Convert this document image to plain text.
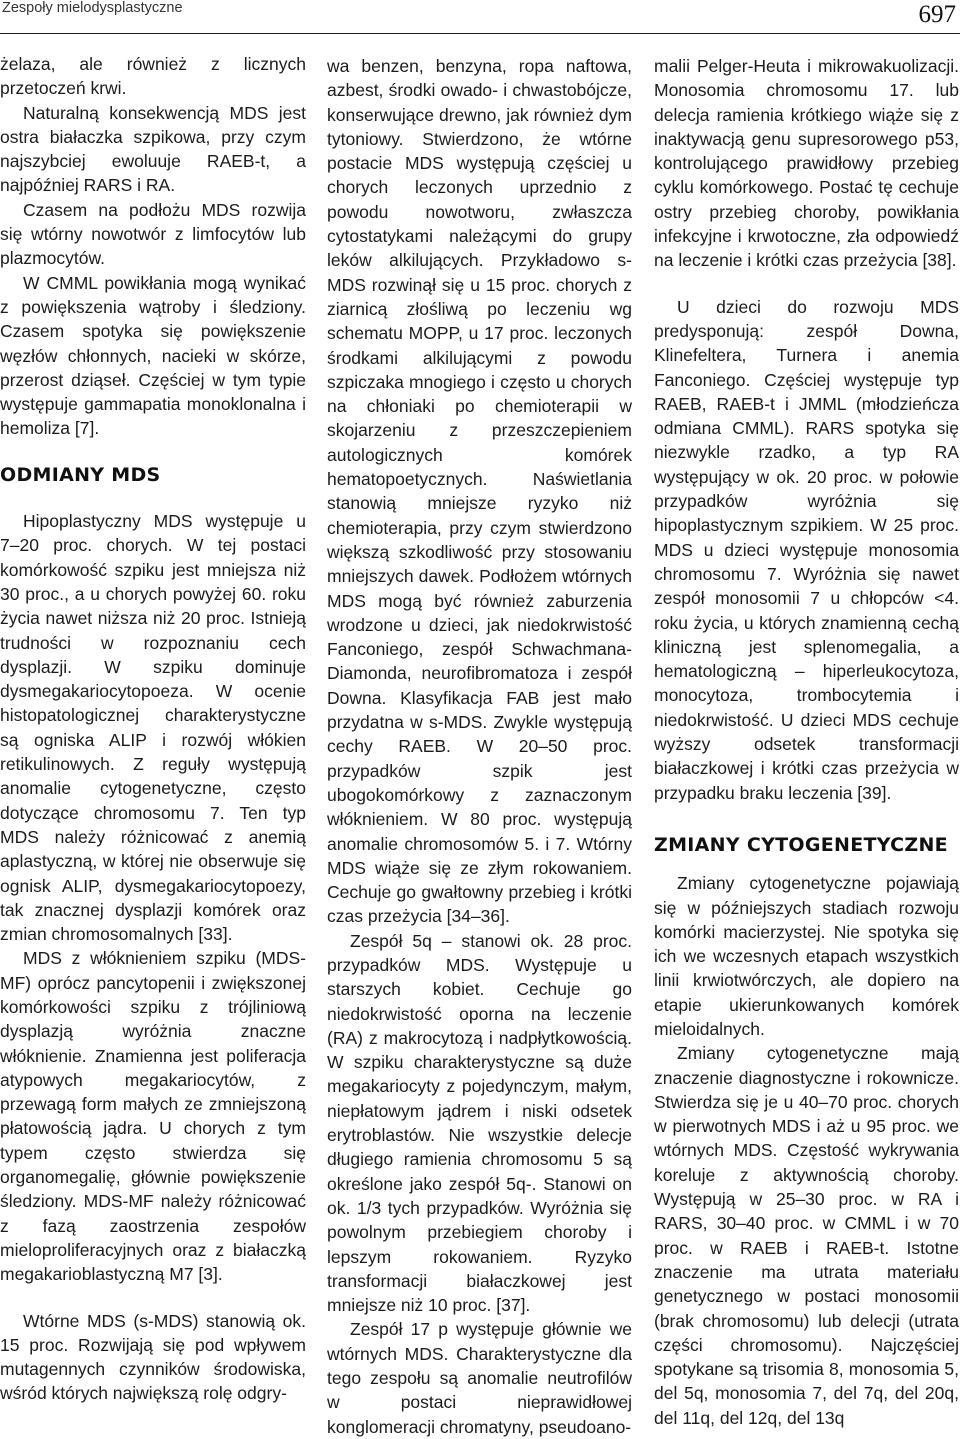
Zespoły mielodysplastyczne	697

żelaza, ale również z licznych przetoczeń krwi.

Naturalną konsekwencją MDS jest ostra białaczka szpikowa, przy czym najszybciej ewoluuje RAEB-t, a najpóźniej RARS i RA.

Czasem na podłożu MDS rozwija się wtórny nowotwór z limfocytów lub plazmocytów.

W CMML powikłania mogą wynikać z powiększenia wątroby i śledziony. Czasem spotyka się powiększenie węzłów chłonnych, nacieki w skórze, przerost dziąseł. Częściej w tym typie występuje gammapatia monoklonalna i hemoliza [7].

ODMIANY MDS

Hipoplastyczny MDS występuje u 7–20 proc. chorych. W tej postaci komórkowość szpiku jest mniejsza niż 30 proc., a u chorych powyżej 60. roku życia nawet niższa niż 20 proc. Istnieją trudności w rozpoznaniu cech dysplazji. W szpiku dominuje dysmegakariocytopoeza. W ocenie histopatologicznej charakterystyczne są ogniska ALIP i rozwój włókien retikulinowych. Z reguły występują anomalie cytogenetyczne, często dotyczące chromosomu 7. Ten typ MDS należy różnicować z anemią aplastyczną, w której nie obserwuje się ognisk ALIP, dysmegakariocytopoezy, tak znacznej dysplazji komórek oraz zmian chromosomalnych [33].

MDS z włóknieniem szpiku (MDS-MF) oprócz pancytopenii i zwiększonej komórkowości szpiku z trójliniową dysplazją wyróżnia znaczne włóknienie. Znamienna jest poliferacja atypowych megakariocytów, z przewagą form małych ze zmniejszoną płatowością jądra. U chorych z tym typem często stwierdza się organomegalię, głównie powiększenie śledziony. MDS-MF należy różnicować z fazą zaostrzenia zespołów mieloproliferacyjnych oraz z białaczką megakarioblastyczną M7 [3].

Wtórne MDS (s-MDS) stanowią ok. 15 proc. Rozwijają się pod wpływem mutagennych czynników środowiska, wśród których największą rolę odgry-

wa benzen, benzyna, ropa naftowa, azbest, środki owado- i chwastobójcze, konserwujące drewno, jak również dym tytoniowy. Stwierdzono, że wtórne postacie MDS występują częściej u chorych leczonych uprzednio z powodu nowotworu, zwłaszcza cytostatykami należącymi do grupy leków alkilujących. Przykładowo s-MDS rozwinął się u 15 proc. chorych z ziarnicą złośliwą po leczeniu wg schematu MOPP, u 17 proc. leczonych środkami alkilującymi z powodu szpiczaka mnogiego i często u chorych na chłoniaki po chemioterapii w skojarzeniu z przeszczepieniem autologicznych komórek hematopoetycznych. Naświetlania stanowią mniejsze ryzyko niż chemioterapia, przy czym stwierdzono większą szkodliwość przy stosowaniu mniejszych dawek. Podłożem wtórnych MDS mogą być również zaburzenia wrodzone u dzieci, jak niedokrwistość Fanconiego, zespół Schwachmana-Diamonda, neurofibromatoza i zespół Downa. Klasyfikacja FAB jest mało przydatna w s-MDS. Zwykle występują cechy RAEB. W 20–50 proc. przypadków szpik jest ubogokomórkowy z zaznaczonym włóknieniem. W 80 proc. występują anomalie chromosomów 5. i 7. Wtórny MDS wiąże się ze złym rokowaniem. Cechuje go gwałtowny przebieg i krótki czas przeżycia [34–36].

Zespół 5q – stanowi ok. 28 proc. przypadków MDS. Występuje u starszych kobiet. Cechuje go niedokrwistość oporna na leczenie (RA) z makrocytozą i nadpłytkowością. W szpiku charakterystyczne są duże megakariocyty z pojedynczym, małym, niepłatowym jądrem i niski odsetek erytroblastów. Nie wszystkie delecje długiego ramienia chromosomu 5 są określone jako zespół 5q-. Stanowi on ok. 1/3 tych przypadków. Wyróżnia się powolnym przebiegiem choroby i lepszym rokowaniem. Ryzyko transformacji białaczkowej jest mniejsze niż 10 proc. [37].

Zespół 17 p występuje głównie we wtórnych MDS. Charakterystyczne dla tego zespołu są anomalie neutrofilów w postaci nieprawidłowej konglomeracji chromatyny, pseudoano-

malii Pelger-Heuta i mikrowakuolizacji. Monosomia chromosomu 17. lub delecja ramienia krótkiego wiąże się z inaktywacją genu supresorowego p53, kontrolującego prawidłowy przebieg cyklu komórkowego. Postać tę cechuje ostry przebieg choroby, powikłania infekcyjne i krwotoczne, zła odpowiedź na leczenie i krótki czas przeżycia [38].

U dzieci do rozwoju MDS predysponują: zespół Downa, Klinefeltera, Turnera i anemia Fanconiego. Częściej występuje typ RAEB, RAEB-t i JMML (młodzieńcza odmiana CMML). RARS spotyka się niezwykle rzadko, a typ RA występujący w ok. 20 proc. w połowie przypadków wyróżnia się hipoplastycznym szpikiem. W 25 proc. MDS u dzieci występuje monosomia chromosomu 7. Wyróżnia się nawet zespół monosomii 7 u chłopców <4. roku życia, u których znamienną cechą kliniczną jest splenomegalia, a hematologiczną – hiperleukocytoza, monocytoza, trombocytemia i niedokrwistość. U dzieci MDS cechuje wyższy odsetek transformacji białaczkowej i krótki czas przeżycia w przypadku braku leczenia [39].

ZMIANY CYTOGENETYCZNE

Zmiany cytogenetyczne pojawiają się w późniejszych stadiach rozwoju komórki macierzystej. Nie spotyka się ich we wczesnych etapach wszystkich linii krwiotwórczych, ale dopiero na etapie ukierunkowanych komórek mieloidalnych.

Zmiany cytogenetyczne mają znaczenie diagnostyczne i rokownicze. Stwierdza się je u 40–70 proc. chorych w pierwotnych MDS i aż u 95 proc. we wtórnych MDS. Częstość wykrywania koreluje z aktywnością choroby. Występują w 25–30 proc. w RA i RARS, 30–40 proc. w CMML i w 70 proc. w RAEB i RAEB-t. Istotne znaczenie ma utrata materiału genetycznego w postaci monosomii (brak chromosomu) lub delecji (utrata części chromosomu). Najczęściej spotykane są trisomia 8, monosomia 5, del 5q, monosomia 7, del 7q, del 20q, del 11q, del 12q, del 13q
